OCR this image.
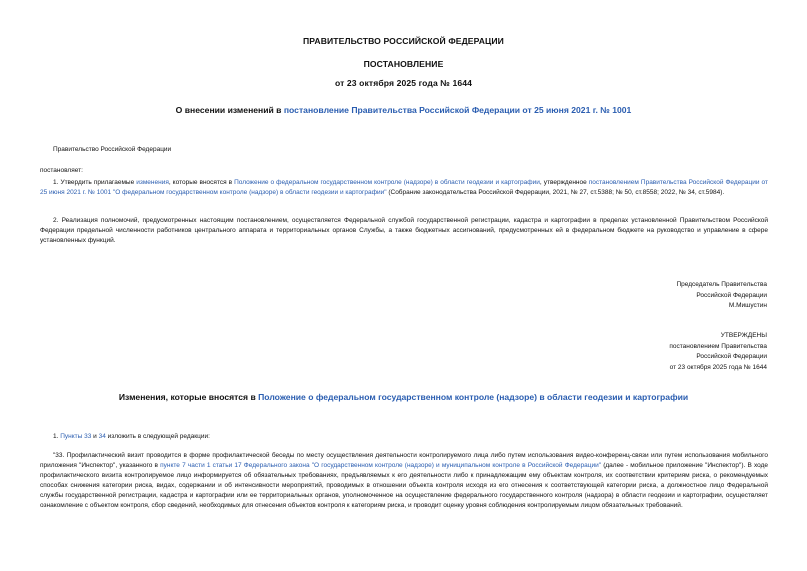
ПРАВИТЕЛЬСТВО РОССИЙСКОЙ ФЕДЕРАЦИИ
ПОСТАНОВЛЕНИЕ
от 23 октября 2025 года № 1644
О внесении изменений в постановление Правительства Российской Федерации от 25 июня 2021 г. № 1001
Правительство Российской Федерации
постановляет:
1. Утвердить прилагаемые изменения, которые вносятся в Положение о федеральном государственном контроле (надзоре) в области геодезии и картографии, утвержденное постановлением Правительства Российской Федерации от 25 июня 2021 г. № 1001 "О федеральном государственном контроле (надзоре) в области геодезии и картографии" (Собрание законодательства Российской Федерации, 2021, № 27, ст.5388; № 50, ст.8558; 2022, № 34, ст.5984).
2. Реализация полномочий, предусмотренных настоящим постановлением, осуществляется Федеральной службой государственной регистрации, кадастра и картографии в пределах установленной Правительством Российской Федерации предельной численности работников центрального аппарата и территориальных органов Службы, а также бюджетных ассигнований, предусмотренных ей в федеральном бюджете на руководство и управление в сфере установленных функций.
Председатель Правительства
Российской Федерации
М.Мишустин
УТВЕРЖДЕНЫ
постановлением Правительства
Российской Федерации
от 23 октября 2025 года № 1644
Изменения, которые вносятся в Положение о федеральном государственном контроле (надзоре) в области геодезии и картографии
1. Пункты 33 и 34 изложить в следующей редакции:
"33. Профилактический визит проводится в форме профилактической беседы по месту осуществления деятельности контролируемого лица либо путем использования видео-конференц-связи или путем использования мобильного приложения "Инспектор", указанного в пункте 7 части 1 статьи 17 Федерального закона "О государственном контроле (надзоре) и муниципальном контроле в Российской Федерации" (далее - мобильное приложение "Инспектор"). В ходе профилактического визита контролируемое лицо информируется об обязательных требованиях, предъявляемых к его деятельности либо к принадлежащим ему объектам контроля, их соответствии критериям риска, о рекомендуемых способах снижения категории риска, видах, содержании и об интенсивности мероприятий, проводимых в отношении объекта контроля исходя из его отнесения к соответствующей категории риска, а должностное лицо Федеральной службы государственной регистрации, кадастра и картографии или ее территориальных органов, уполномоченное на осуществление федерального государственного контроля (надзора) в области геодезии и картографии, осуществляет ознакомление с объектом контроля, сбор сведений, необходимых для отнесения объектов контроля к категориям риска, и проводит оценку уровня соблюдения контролируемым лицом обязательных требований.
